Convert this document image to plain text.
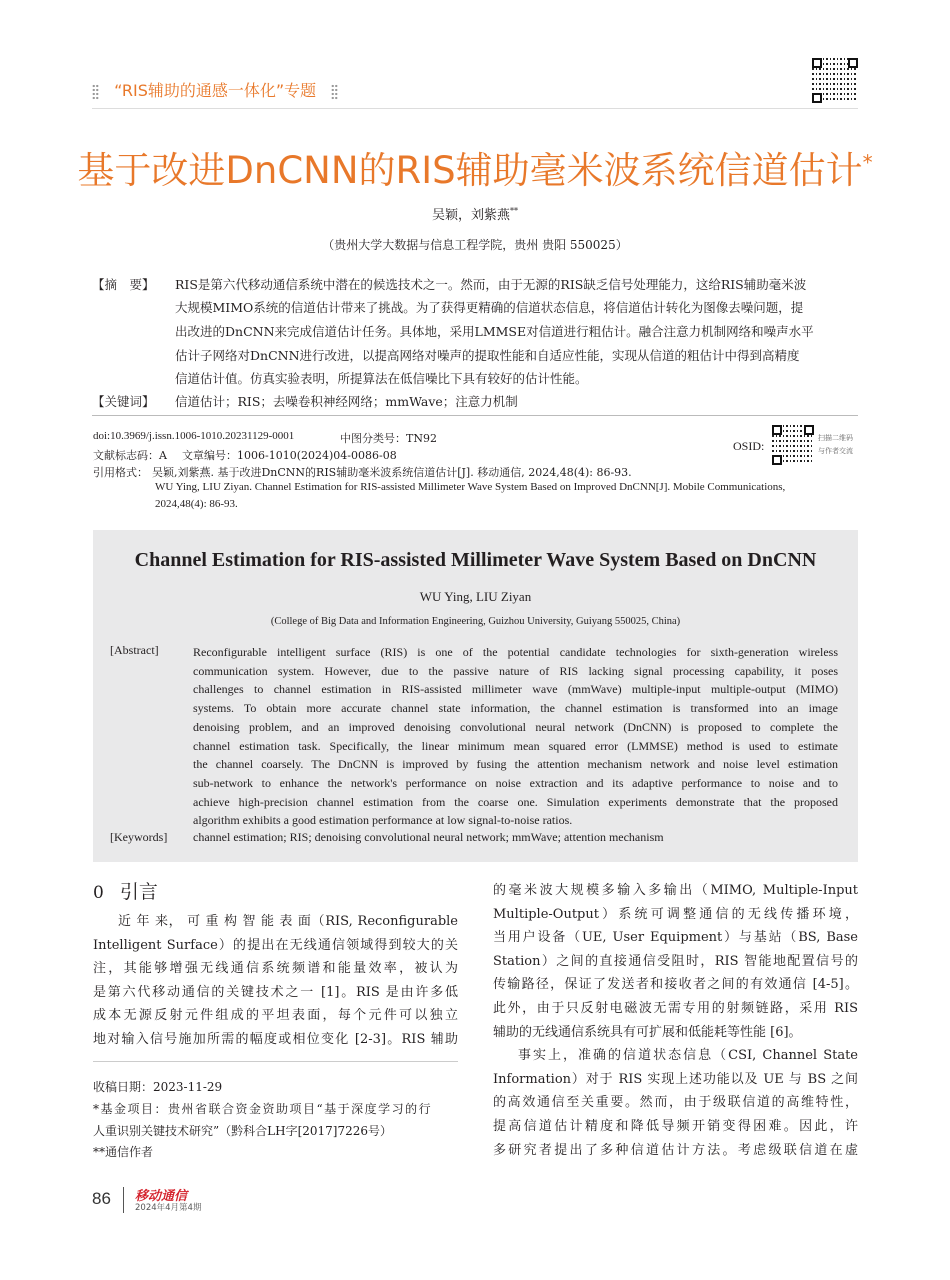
“RIS辅助的通感一体化”专题
基于改进DnCNN的RIS辅助毫米波系统信道估计*
吴颖，刘紫燕**
（贵州大学大数据与信息工程学院，贵州 贵阳 550025）
【摘　要】 RIS是第六代移动通信系统中潜在的候选技术之一。然而，由于无源的RIS缺乏信号处理能力，这给RIS辅助毫米波
大规模MIMO系统的信道估计带来了挑战。为了获得更精确的信道状态信息，将信道估计转化为图像去噪问题，提
出改进的DnCNN来完成信道估计任务。具体地，采用LMMSE对信道进行粗估计。融合注意力机制网络和噪声水平
估计子网络对DnCNN进行改进，以提高网络对噪声的提取性能和自适应性能，实现从信道的粗估计中得到高精度
信道估计值。仿真实验表明，所提算法在低信噪比下具有较好的估计性能。
【关键词】 信道估计；RIS；去噪卷积神经网络；mmWave；注意力机制
doi:10.3969/j.issn.1006-1010.20231129-0001	中图分类号：TN92
文献标志码：A 文章编号：1006-1010(2024)04-0086-08
引用格式： 吴颖,刘紫燕. 基于改进DnCNN的RIS辅助毫米波系统信道估计[J]. 移动通信, 2024,48(4): 86-93.
WU Ying, LIU Ziyan. Channel Estimation for RIS-assisted Millimeter Wave System Based on Improved DnCNN[J]. Mobile Communications,
2024,48(4): 86-93.
OSID:
扫描二维码
与作者交流
Channel Estimation for RIS-assisted Millimeter Wave System Based on DnCNN
WU Ying, LIU Ziyan
(College of Big Data and Information Engineering, Guizhou University, Guiyang 550025, China)
[Abstract]	Reconfigurable intelligent surface (RIS) is one of the potential candidate technologies for sixth-generation wireless
communication system. However, due to the passive nature of RIS lacking signal processing capability, it poses
challenges to channel estimation in RIS-assisted millimeter wave (mmWave) multiple-input multiple-output (MIMO)
systems. To obtain more accurate channel state information, the channel estimation is transformed into an image
denoising problem, and an improved denoising convolutional neural network (DnCNN) is proposed to complete the
channel estimation task. Specifically, the linear minimum mean squared error (LMMSE) method is used to estimate
the channel coarsely. The DnCNN is improved by fusing the attention mechanism network and noise level estimation
sub-network to enhance the network's performance on noise extraction and its adaptive performance to noise and to
achieve high-precision channel estimation from the coarse one. Simulation experiments demonstrate that the proposed
algorithm exhibits a good estimation performance at low signal-to-noise ratios.
[Keywords] channel estimation; RIS; denoising convolutional neural network; mmWave; attention mechanism
0 引言
近 年 来， 可 重 构 智 能 表 面（RIS, Reconfigurable
Intelligent Surface）的提出在无线通信领域得到较大的关
注，其能够增强无线通信系统频谱和能量效率，被认为
是第六代移动通信的关键技术之一 [1]。RIS 是由许多低
成本无源反射元件组成的平坦表面，每个元件可以独立
地对输入信号施加所需的幅度或相位变化 [2-3]。RIS 辅助
的毫米波大规模多输入多输出（MIMO, Multiple-Input
Multiple-Output）系统可调整通信的无线传播环境，
当用户设备（UE, User Equipment）与基站（BS, Base
Station）之间的直接通信受阻时，RIS 智能地配置信号的
传输路径，保证了发送者和接收者之间的有效通信 [4-5]。
此外，由于只反射电磁波无需专用的射频链路，采用 RIS
辅助的无线通信系统具有可扩展和低能耗等性能 [6]。
事实上，准确的信道状态信息（CSI, Channel State
Information）对于 RIS 实现上述功能以及 UE 与 BS 之间
的高效通信至关重要。然而，由于级联信道的高维特性，
提高信道估计精度和降低导频开销变得困难。因此，许
多研究者提出了多种信道估计方法。考虑级联信道在虚
收稿日期：2023-11-29
*基金项目：贵州省联合资金资助项目“基于深度学习的行
人重识别关键技术研究”（黔科合LH字[2017]7226号）
**通信作者
86 移动通信
2024年4月第4期
